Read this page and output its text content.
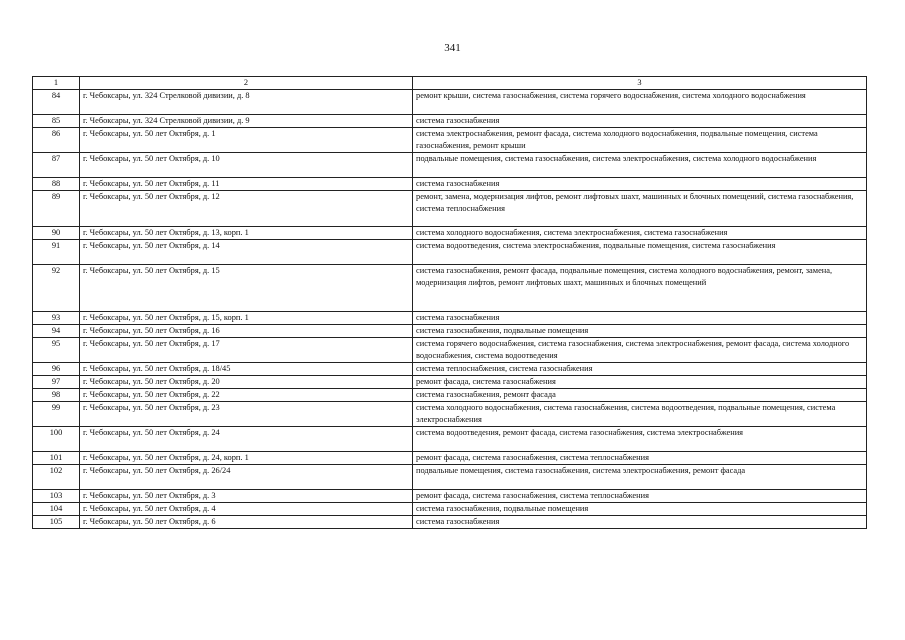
341
1	2	3
84	г. Чебоксары, ул. 324 Стрелковой дивизии, д. 8	ремонт крыши, система газоснабжения, система горячего водоснабжения, система холодного водоснабжения
85	г. Чебоксары, ул. 324 Стрелковой дивизии, д. 9	система газоснабжения
86	г. Чебоксары, ул. 50 лет Октября, д. 1	система электроснабжения, ремонт фасада, система холодного водоснабжения, подвальные помещения, система газоснабжения, ремонт крыши
87	г. Чебоксары, ул. 50 лет Октября, д. 10	подвальные помещения, система газоснабжения, система электроснабжения, система холодного водоснабжения
88	г. Чебоксары, ул. 50 лет Октября, д. 11	система газоснабжения
89	г. Чебоксары, ул. 50 лет Октября, д. 12	ремонт, замена, модернизация лифтов, ремонт лифтовых шахт, машинных и блочных помещений, система газоснабжения, система теплоснабжения
90	г. Чебоксары, ул. 50 лет Октября, д. 13, корп. 1	система холодного водоснабжения, система электроснабжения, система газоснабжения
91	г. Чебоксары, ул. 50 лет Октября, д. 14	система водоотведения, система электроснабжения, подвальные помещения, система газоснабжения
92	г. Чебоксары, ул. 50 лет Октября, д. 15	система газоснабжения, ремонт фасада, подвальные помещения, система холодного водоснабжения, ремонт, замена, модернизация лифтов, ремонт лифтовых шахт, машинных и блочных помещений
93	г. Чебоксары, ул. 50 лет Октября, д. 15, корп. 1	система газоснабжения
94	г. Чебоксары, ул. 50 лет Октября, д. 16	система газоснабжения, подвальные помещения
95	г. Чебоксары, ул. 50 лет Октября, д. 17	система горячего водоснабжения, система газоснабжения, система электроснабжения, ремонт фасада, система холодного водоснабжения, система водоотведения
96	г. Чебоксары, ул. 50 лет Октября, д. 18/45	система теплоснабжения, система газоснабжения
97	г. Чебоксары, ул. 50 лет Октября, д. 20	ремонт фасада, система газоснабжения
98	г. Чебоксары, ул. 50 лет Октября, д. 22	система газоснабжения, ремонт фасада
99	г. Чебоксары, ул. 50 лет Октября, д. 23	система холодного водоснабжения, система газоснабжения, система водоотведения, подвальные помещения, система электроснабжения
100	г. Чебоксары, ул. 50 лет Октября, д. 24	система водоотведения, ремонт фасада, система газоснабжения, система электроснабжения
101	г. Чебоксары, ул. 50 лет Октября, д. 24, корп. 1	ремонт фасада, система газоснабжения, система теплоснабжения
102	г. Чебоксары, ул. 50 лет Октября, д. 26/24	подвальные помещения, система газоснабжения, система электроснабжения, ремонт фасада
103	г. Чебоксары, ул. 50 лет Октября, д. 3	ремонт фасада, система газоснабжения, система теплоснабжения
104	г. Чебоксары, ул. 50 лет Октября, д. 4	система газоснабжения, подвальные помещения
105	г. Чебоксары, ул. 50 лет Октября, д. 6	система газоснабжения
